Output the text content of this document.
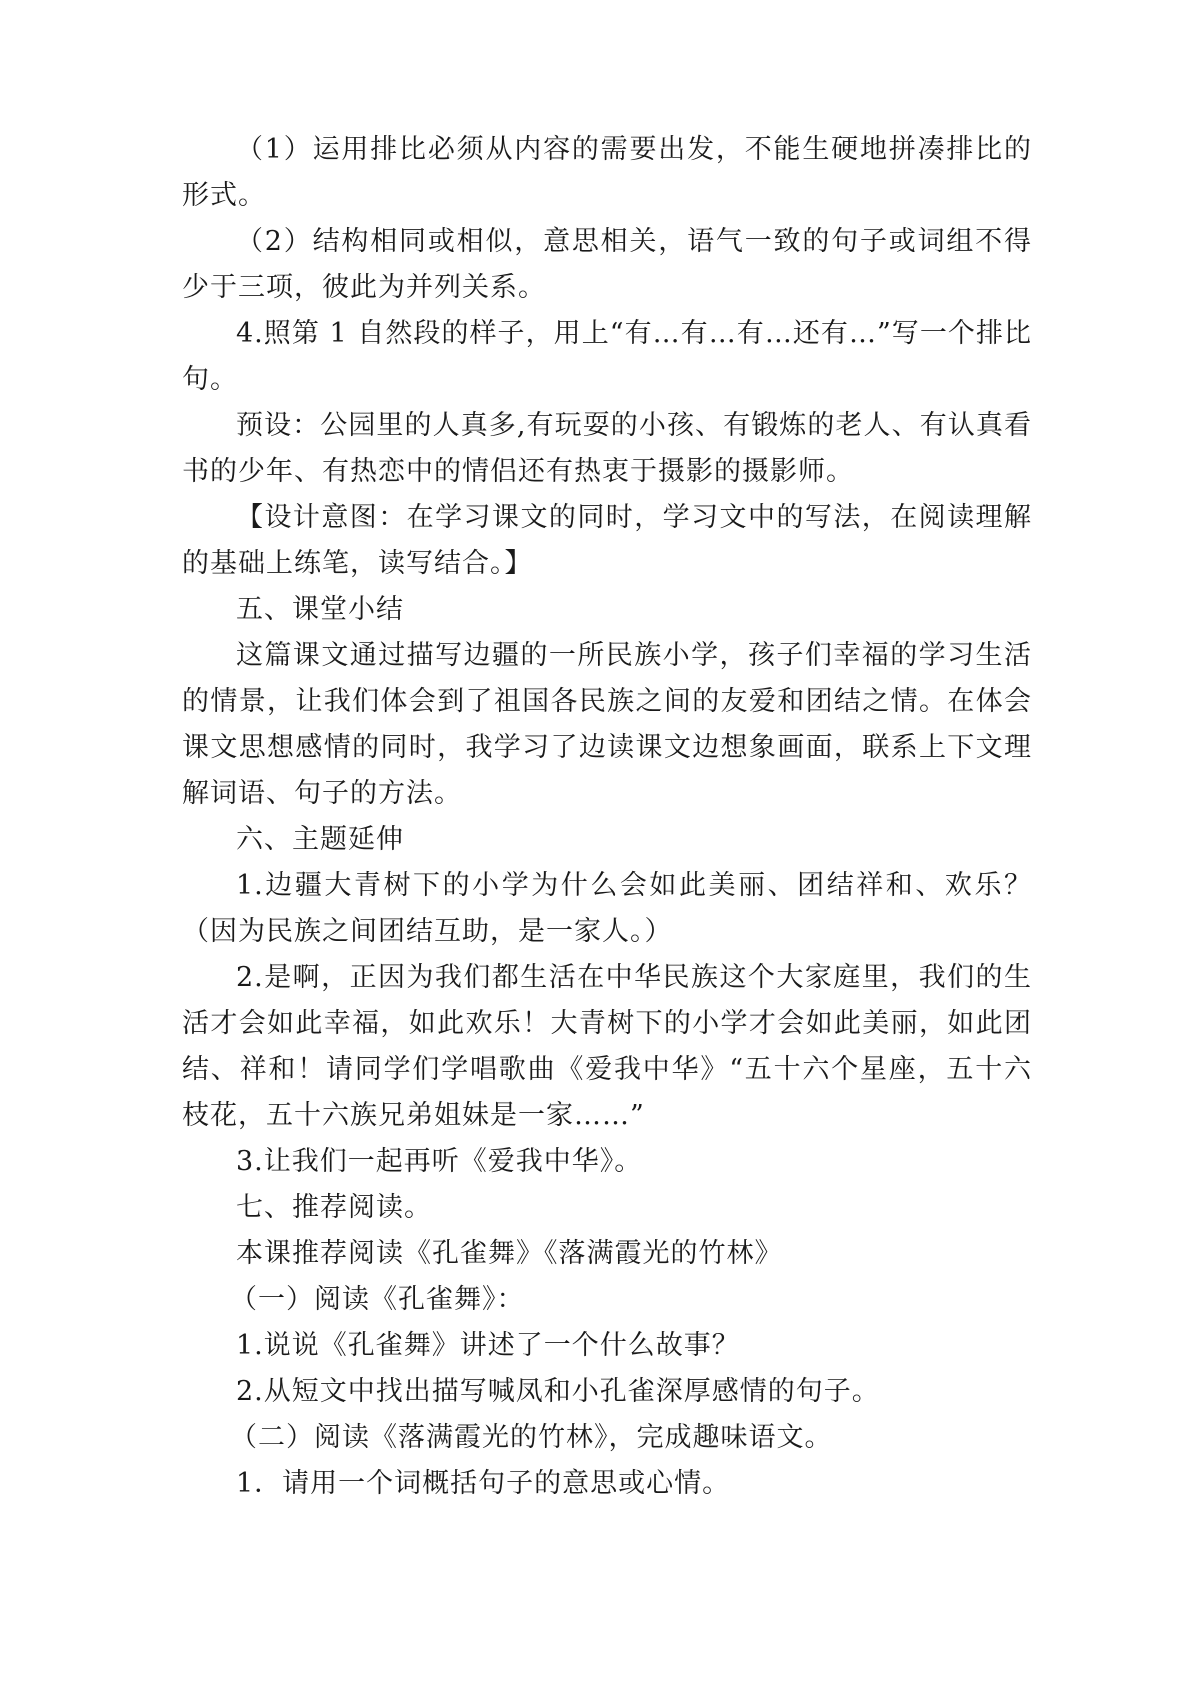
（1）运用排比必须从内容的需要出发，不能生硬地拼凑排比的形式。

（2）结构相同或相似，意思相关，语气一致的句子或词组不得少于三项，彼此为并列关系。

4.照第 1 自然段的样子，用上“有…有…有…还有…”写一个排比句。

预设：公园里的人真多,有玩耍的小孩、有锻炼的老人、有认真看书的少年、有热恋中的情侣还有热衷于摄影的摄影师。

【设计意图：在学习课文的同时，学习文中的写法，在阅读理解的基础上练笔，读写结合。】

五、课堂小结

这篇课文通过描写边疆的一所民族小学，孩子们幸福的学习生活的情景，让我们体会到了祖国各民族之间的友爱和团结之情。在体会课文思想感情的同时，我学习了边读课文边想象画面，联系上下文理解词语、句子的方法。

六、主题延伸

1.边疆大青树下的小学为什么会如此美丽、团结祥和、欢乐？（因为民族之间团结互助，是一家人。）

2.是啊，正因为我们都生活在中华民族这个大家庭里，我们的生活才会如此幸福，如此欢乐！大青树下的小学才会如此美丽，如此团结、祥和！请同学们学唱歌曲《爱我中华》“五十六个星座，五十六枝花，五十六族兄弟姐妹是一家……”

3.让我们一起再听《爱我中华》。

七、推荐阅读。

本课推荐阅读《孔雀舞》《落满霞光的竹林》

（一）阅读《孔雀舞》：

1.说说《孔雀舞》讲述了一个什么故事？

2.从短文中找出描写喊凤和小孔雀深厚感情的句子。

（二）阅读《落满霞光的竹林》，完成趣味语文。

1．请用一个词概括句子的意思或心情。
